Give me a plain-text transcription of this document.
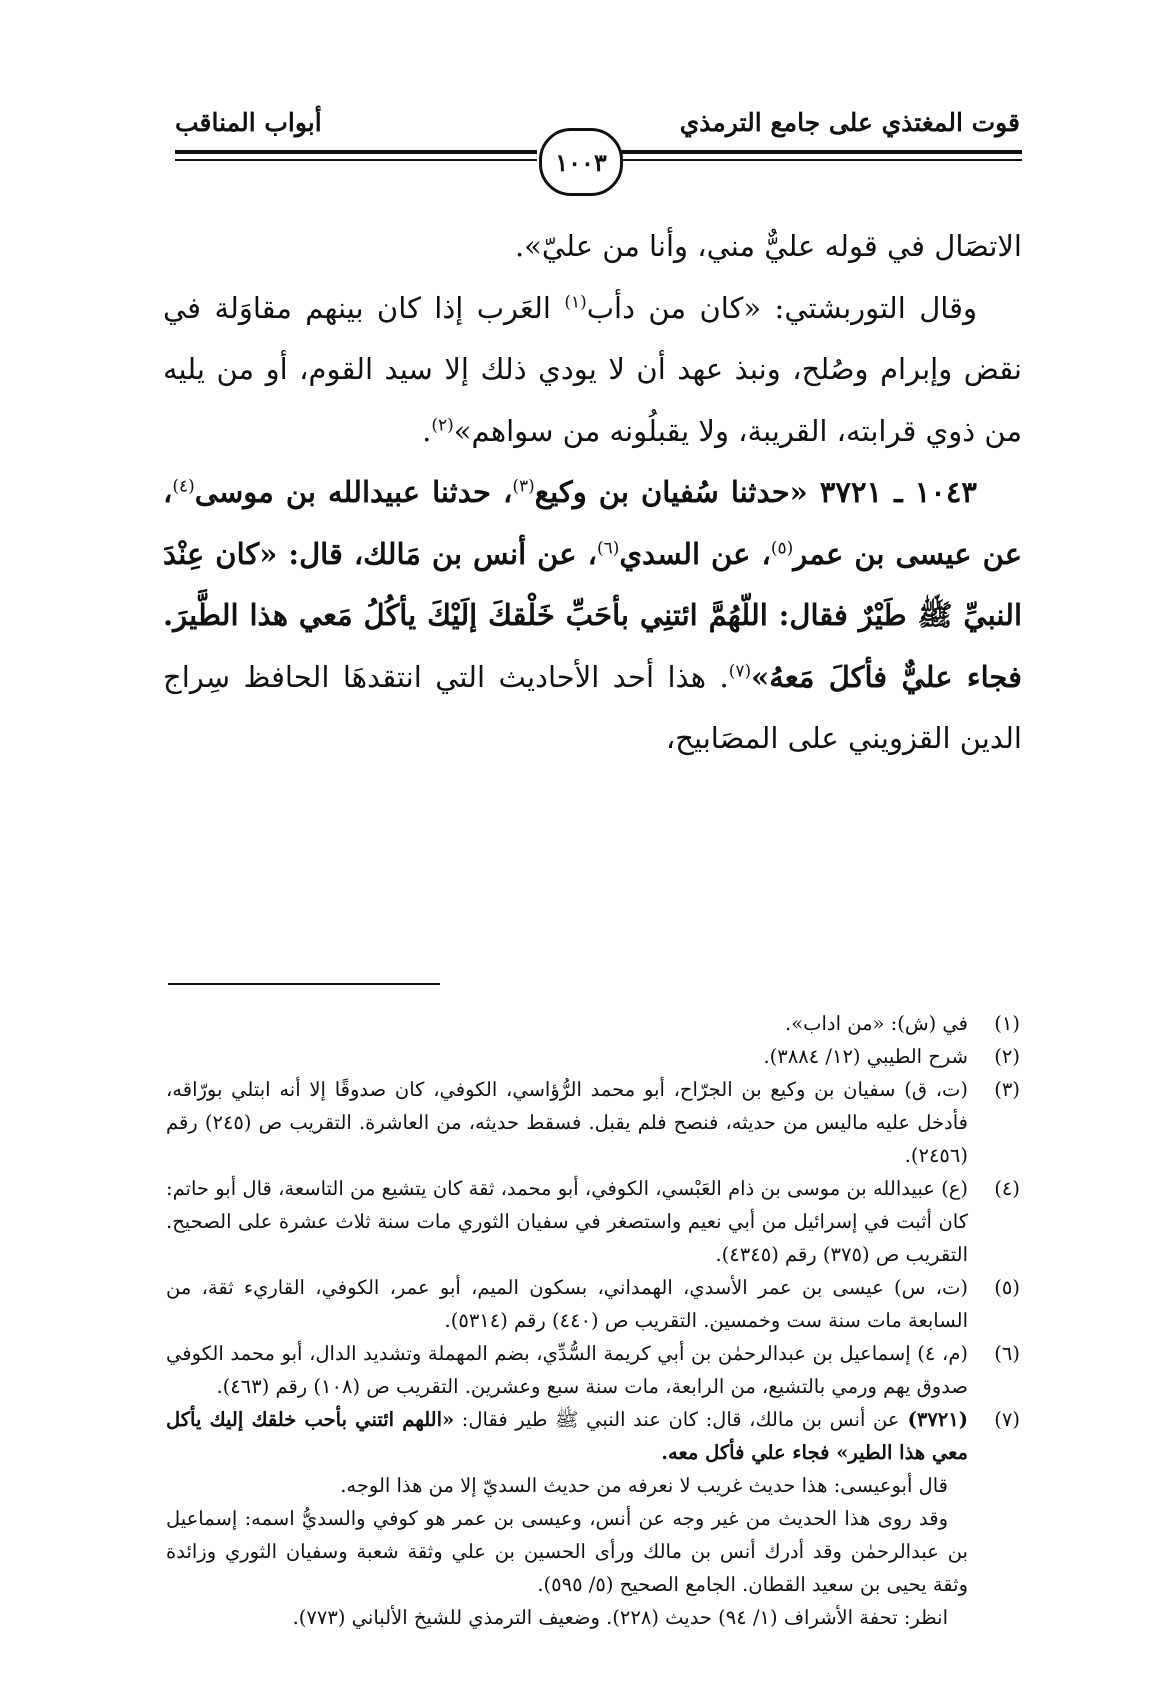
قوت المغتذي على جامع الترمذي
أبواب المناقب
١٠٠٣

الاتصَال في قوله عليٌّ مني، وأنا من عليّ».

وقال التوربشتي: «كان من دأب$^{(١)}$ العَرب إذا كان بينهم مقاوَلة في نقض وإبرام وصُلح، ونبذ عهد أن لا يودي ذلك إلا سيد القوم، أو من يليه من ذوي قرابته، القريبة، ولا يقبلُونه من سواهم»$^{(٢)}$.

١٠٤٣ ـ ٣٧٢١ «حدثنا سُفيان بن وكيع$^{(٣)}$، حدثنا عبيدالله بن موسى$^{(٤)}$، عن عيسى بن عمر$^{(٥)}$، عن السدي$^{(٦)}$، عن أنس بن مَالك، قال: «كان عِنْدَ النبيِّ ﷺ طَيْرٌ فقال: اللّهُمَّ ائتنِي بأحَبِّ خَلْقكَ إلَيْكَ يأكُلُ مَعي هذا الطَّيرَ. فجاء عليٌّ فأكلَ مَعهُ»$^{(٧)}$. هذا أحد الأحاديث التي انتقدهَا الحافظ سِراج الدين القزويني على المصَابيح،

(١)
في (ش): «من اداب».
(٢)
شرح الطيبي (١٢/ ٣٨٨٤).
(٣)
(ت، ق) سفيان بن وكيع بن الجرّاح، أبو محمد الرُّؤاسي، الكوفي، كان صدوقًا إلا أنه ابتلي بورّاقه، فأدخل عليه ماليس من حديثه، فنصح فلم يقبل. فسقط حديثه، من العاشرة. التقريب ص (٢٤٥) رقم (٢٤٥٦).
(٤)
(ع) عبيدالله بن موسى بن ذام العَبْسي، الكوفي، أبو محمد، ثقة كان يتشيع من التاسعة، قال أبو حاتم: كان أثبت في إسرائيل من أبي نعيم واستصغر في سفيان الثوري مات سنة ثلاث عشرة على الصحيح. التقريب ص (٣٧٥) رقم (٤٣٤٥).
(٥)
(ت، س) عيسى بن عمر الأسدي، الهمداني، بسكون الميم، أبو عمر، الكوفي، القاريء ثقة، من السابعة مات سنة ست وخمسين. التقريب ص (٤٤٠) رقم (٥٣١٤).
(٦)
(م، ٤) إسماعيل بن عبدالرحمٰن بن أبي كريمة السُّدِّي، بضم المهملة وتشديد الدال، أبو محمد الكوفي صدوق يهم ورمي بالتشيع، من الرابعة، مات سنة سبع وعشرين. التقريب ص (١٠٨) رقم (٤٦٣).
(٧)
(٣٧٢١) عن أنس بن مالك، قال: كان عند النبي ﷺ طير فقال: «اللهم ائتني بأحب خلقك إليك يأكل معي هذا الطير» فجاء علي فأكل معه.

قال أبوعيسى: هذا حديث غريب لا نعرفه من حديث السديّ إلا من هذا الوجه.

وقد روى هذا الحديث من غير وجه عن أنس، وعيسى بن عمر هو كوفي والسديُّ اسمه: إسماعيل بن عبدالرحمٰن وقد أدرك أنس بن مالك ورأى الحسين بن علي وثقة شعبة وسفيان الثوري وزائدة وثقة يحيى بن سعيد القطان. الجامع الصحيح (٥/ ٥٩٥).

انظر: تحفة الأشراف (١/ ٩٤) حديث (٢٢٨). وضعيف الترمذي للشيخ الألباني (٧٧٣).
